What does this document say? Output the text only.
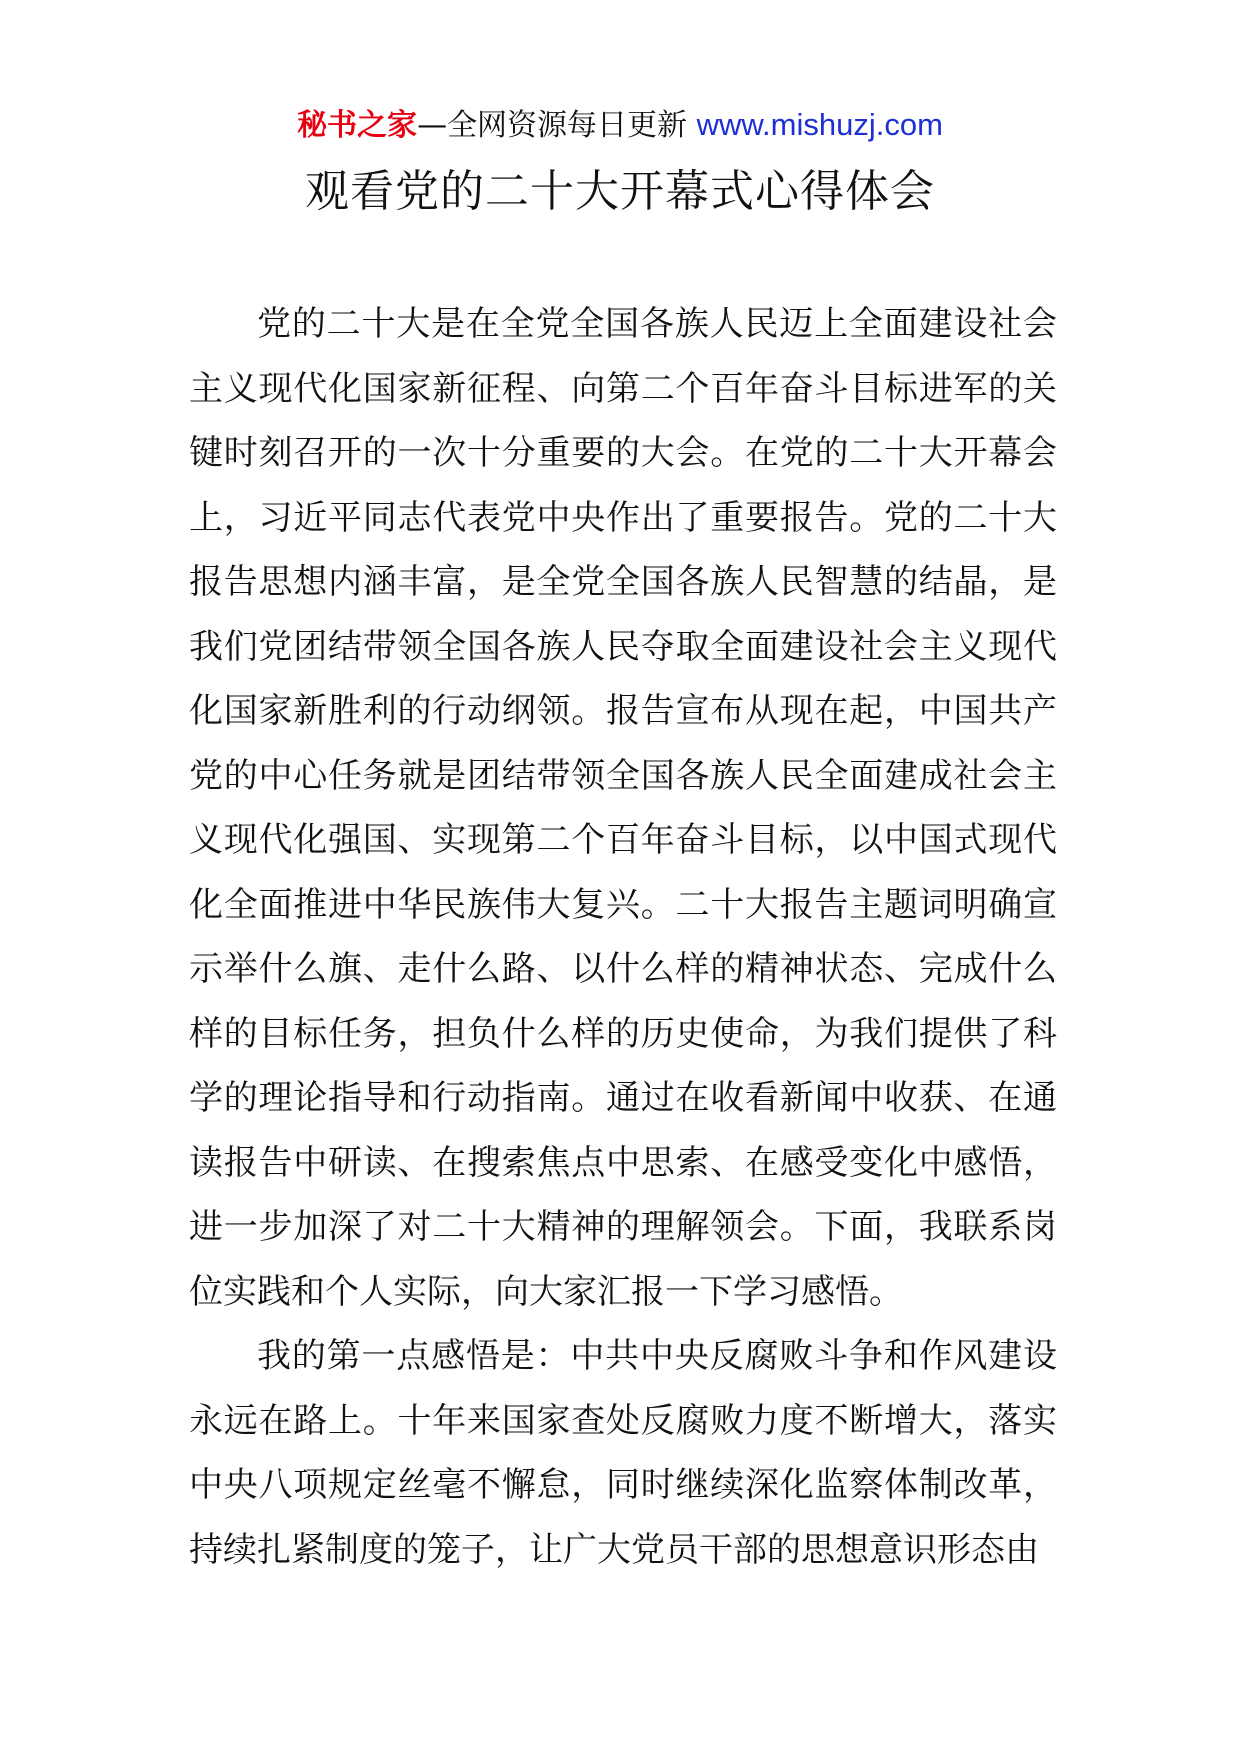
秘书之家—全网资源每日更新 www.mishuzj.com
观看党的二十大开幕式心得体会

党的二十大是在全党全国各族人民迈上全面建设社会主义现代化国家新征程、向第二个百年奋斗目标进军的关键时刻召开的一次十分重要的大会。在党的二十大开幕会上，习近平同志代表党中央作出了重要报告。党的二十大报告思想内涵丰富，是全党全国各族人民智慧的结晶，是我们党团结带领全国各族人民夺取全面建设社会主义现代化国家新胜利的行动纲领。报告宣布从现在起，中国共产党的中心任务就是团结带领全国各族人民全面建成社会主义现代化强国、实现第二个百年奋斗目标，以中国式现代化全面推进中华民族伟大复兴。二十大报告主题词明确宣示举什么旗、走什么路、以什么样的精神状态、完成什么样的目标任务，担负什么样的历史使命，为我们提供了科学的理论指导和行动指南。通过在收看新闻中收获、在通读报告中研读、在搜索焦点中思索、在感受变化中感悟，进一步加深了对二十大精神的理解领会。下面，我联系岗位实践和个人实际，向大家汇报一下学习感悟。

我的第一点感悟是：中共中央反腐败斗争和作风建设永远在路上。十年来国家查处反腐败力度不断增大，落实中央八项规定丝毫不懈怠，同时继续深化监察体制改革，持续扎紧制度的笼子，让广大党员干部的思想意识形态由
